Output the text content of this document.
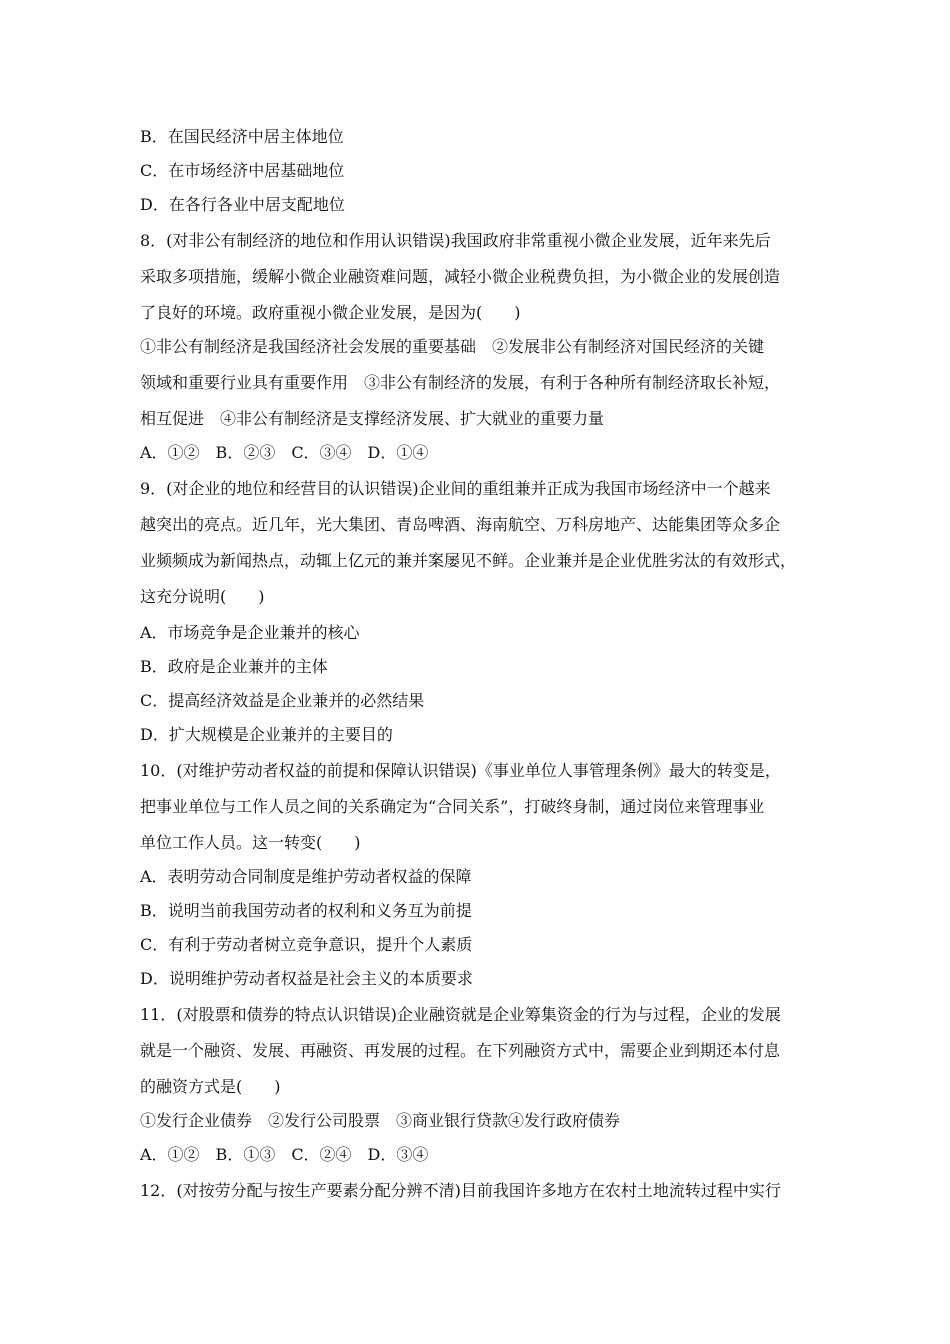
B．在国民经济中居主体地位
C．在市场经济中居基础地位
D．在各行各业中居支配地位
8．(对非公有制经济的地位和作用认识错误)我国政府非常重视小微企业发展，近年来先后
采取多项措施，缓解小微企业融资难问题，减轻小微企业税费负担，为小微企业的发展创造
了良好的环境。政府重视小微企业发展，是因为(　　)
①非公有制经济是我国经济社会发展的重要基础　②发展非公有制经济对国民经济的关键
领域和重要行业具有重要作用　③非公有制经济的发展，有利于各种所有制经济取长补短，
相互促进　④非公有制经济是支撑经济发展、扩大就业的重要力量
A．①②　B．②③　C．③④　D．①④
9．(对企业的地位和经营目的认识错误)企业间的重组兼并正成为我国市场经济中一个越来
越突出的亮点。近几年，光大集团、青岛啤酒、海南航空、万科房地产、达能集团等众多企
业频频成为新闻热点，动辄上亿元的兼并案屡见不鲜。企业兼并是企业优胜劣汰的有效形式，
这充分说明(　　)
A．市场竞争是企业兼并的核心
B．政府是企业兼并的主体
C．提高经济效益是企业兼并的必然结果
D．扩大规模是企业兼并的主要目的
10．(对维护劳动者权益的前提和保障认识错误)《事业单位人事管理条例》最大的转变是，
把事业单位与工作人员之间的关系确定为“合同关系”，打破终身制，通过岗位来管理事业
单位工作人员。这一转变(　　)
A．表明劳动合同制度是维护劳动者权益的保障
B．说明当前我国劳动者的权利和义务互为前提
C．有利于劳动者树立竞争意识，提升个人素质
D．说明维护劳动者权益是社会主义的本质要求
11．(对股票和债券的特点认识错误)企业融资就是企业筹集资金的行为与过程，企业的发展
就是一个融资、发展、再融资、再发展的过程。在下列融资方式中，需要企业到期还本付息
的融资方式是(　　)
①发行企业债券　②发行公司股票　③商业银行贷款④发行政府债券
A．①②　B．①③　C．②④　D．③④
12．(对按劳分配与按生产要素分配分辨不清)目前我国许多地方在农村土地流转过程中实行
